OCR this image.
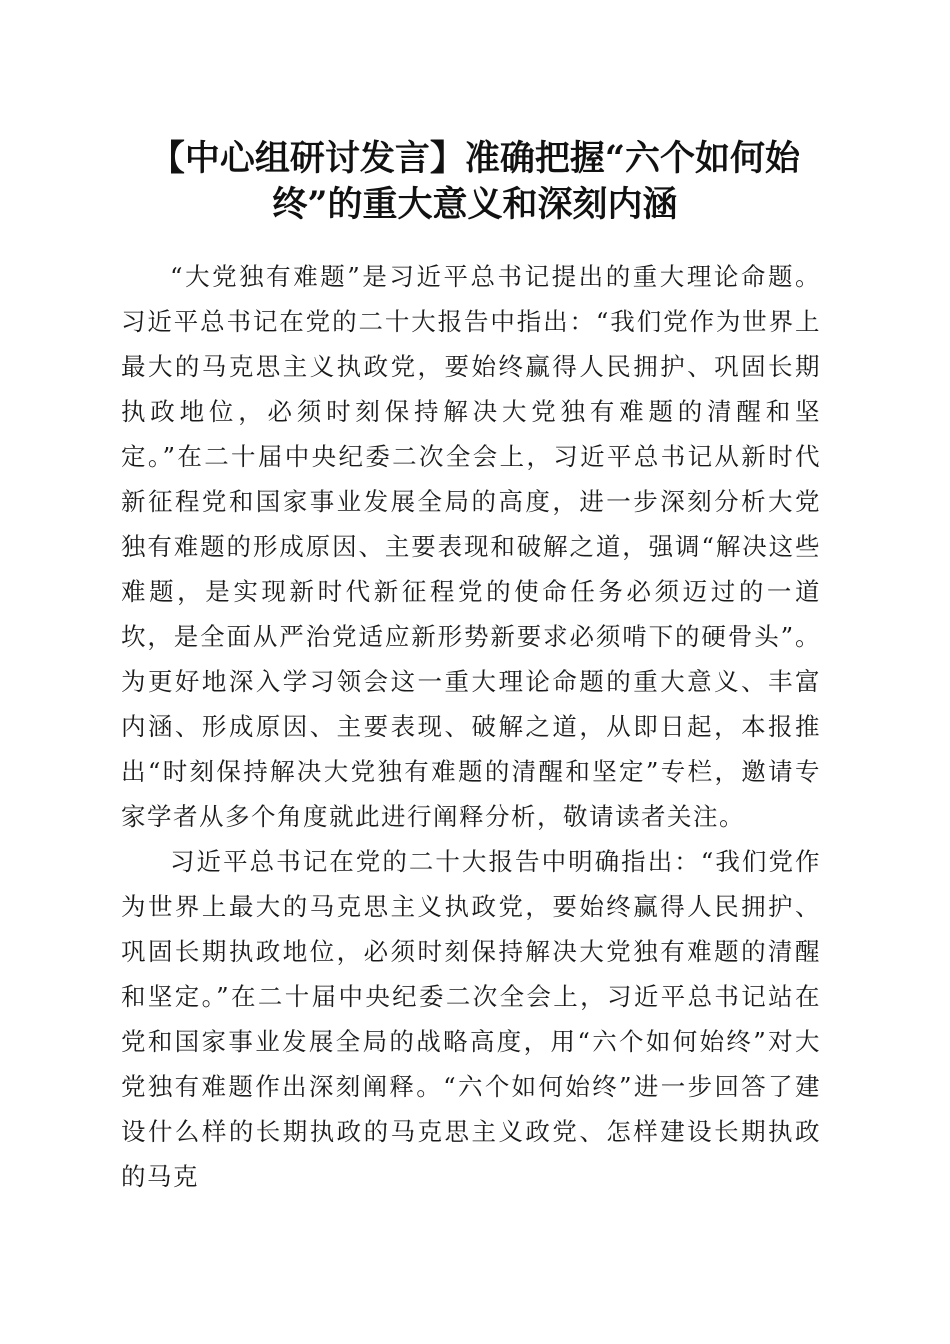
【中心组研讨发言】准确把握“六个如何始
终”的重大意义和深刻内涵

“大党独有难题”是习近平总书记提出的重大理论命题。习近平总书记在党的二十大报告中指出：“我们党作为世界上最大的马克思主义执政党，要始终赢得人民拥护、巩固长期执政地位，必须时刻保持解决大党独有难题的清醒和坚定。”在二十届中央纪委二次全会上，习近平总书记从新时代新征程党和国家事业发展全局的高度，进一步深刻分析大党独有难题的形成原因、主要表现和破解之道，强调“解决这些难题，是实现新时代新征程党的使命任务必须迈过的一道坎，是全面从严治党适应新形势新要求必须啃下的硬骨头”。为更好地深入学习领会这一重大理论命题的重大意义、丰富内涵、形成原因、主要表现、破解之道，从即日起，本报推出“时刻保持解决大党独有难题的清醒和坚定”专栏，邀请专家学者从多个角度就此进行阐释分析，敬请读者关注。

习近平总书记在党的二十大报告中明确指出：“我们党作为世界上最大的马克思主义执政党，要始终赢得人民拥护、巩固长期执政地位，必须时刻保持解决大党独有难题的清醒和坚定。”在二十届中央纪委二次全会上，习近平总书记站在党和国家事业发展全局的战略高度，用“六个如何始终”对大党独有难题作出深刻阐释。“六个如何始终”进一步回答了建设什么样的长期执政的马克思主义政党、怎样建设长期执政的马克
